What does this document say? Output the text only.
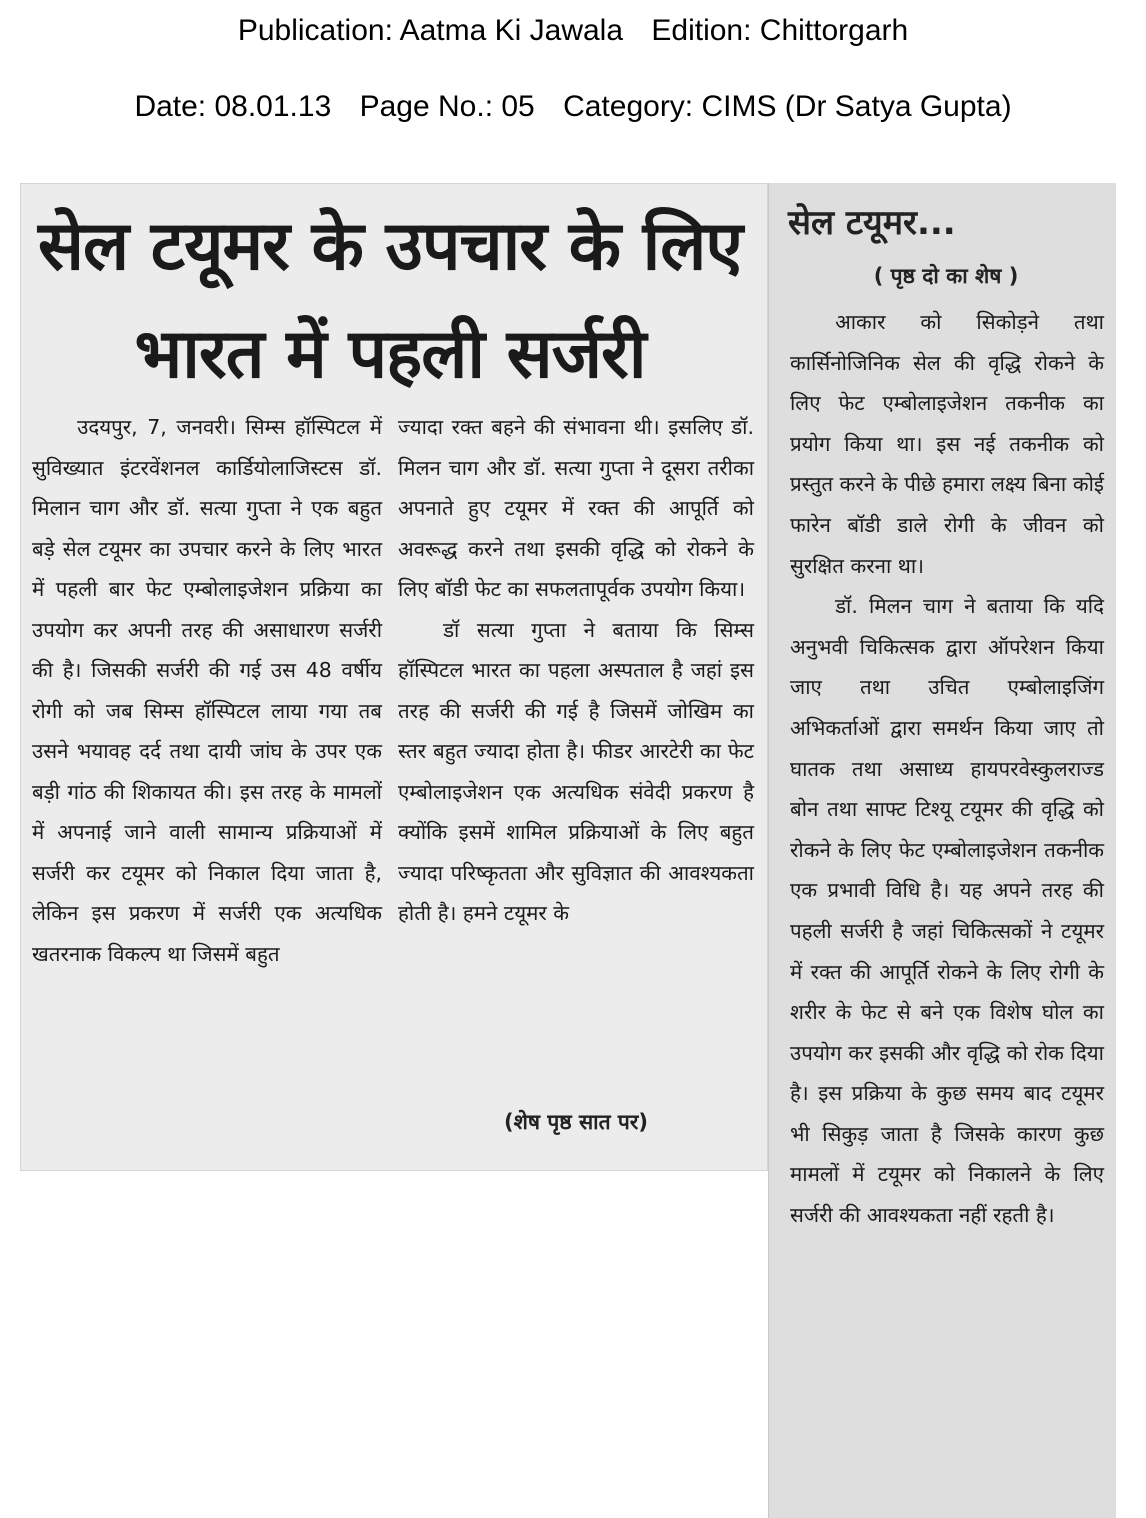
Publication: Aatma Ki Jawala Edition: Chittorgarh
Date: 08.01.13 Page No.: 05 Category: CIMS (Dr Satya Gupta)
सेल टयूमर के उपचार के लिए भारत में पहली सर्जरी

उदयपुर, 7, जनवरी। सिम्स हॉस्पिटल में सुविख्यात इंटरवेंशनल कार्डियोलाजिस्टस डॉ. मिलान चाग और डॉ. सत्या गुप्ता ने एक बहुत बड़े सेल टयूमर का उपचार करने के लिए भारत में पहली बार फेट एम्बोलाइजेशन प्रक्रिया का उपयोग कर अपनी तरह की असाधारण सर्जरी की है। जिसकी सर्जरी की गई उस 48 वर्षीय रोगी को जब सिम्स हॉस्पिटल लाया गया तब उसने भयावह दर्द तथा दायी जांघ के उपर एक बड़ी गांठ की शिकायत की। इस तरह के मामलों में अपनाई जाने वाली सामान्य प्रक्रियाओं में सर्जरी कर टयूमर को निकाल दिया जाता है, लेकिन इस प्रकरण में सर्जरी एक अत्यधिक खतरनाक विकल्प था जिसमें बहुत

ज्यादा रक्त बहने की संभावना थी। इसलिए डॉ. मिलन चाग और डॉ. सत्या गुप्ता ने दूसरा तरीका अपनाते हुए टयूमर में रक्त की आपूर्ति को अवरूद्ध करने तथा इसकी वृद्धि को रोकने के लिए बॉडी फेट का सफलतापूर्वक उपयोग किया।

डॉ सत्या गुप्ता ने बताया कि सिम्स हॉस्पिटल भारत का पहला अस्पताल है जहां इस तरह की सर्जरी की गई है जिसमें जोखिम का स्तर बहुत ज्यादा होता है। फीडर आरटेरी का फेट एम्बोलाइजेशन एक अत्यधिक संवेदी प्रकरण है क्योंकि इसमें शामिल प्रक्रियाओं के लिए बहुत ज्यादा परिष्कृतता और सुविज्ञात की आवश्यकता होती है। हमने टयूमर के

(शेष पृष्ठ सात पर)
सेल टयूमर...
( पृष्ठ दो का शेष )

आकार को सिकोड़ने तथा कार्सिनोजिनिक सेल की वृद्धि रोकने के लिए फेट एम्बोलाइजेशन तकनीक का प्रयोग किया था। इस नई तकनीक को प्रस्तुत करने के पीछे हमारा लक्ष्य बिना कोई फारेन बॉडी डाले रोगी के जीवन को सुरक्षित करना था।

डॉ. मिलन चाग ने बताया कि यदि अनुभवी चिकित्सक द्वारा ऑपरेशन किया जाए तथा उचित एम्बोलाइजिंग अभिकर्ताओं द्वारा समर्थन किया जाए तो घातक तथा असाध्य हायपरवेस्कुलराज्ड बोन तथा साफ्ट टिश्यू टयूमर की वृद्धि को रोकने के लिए फेट एम्बोलाइजेशन तकनीक एक प्रभावी विधि है। यह अपने तरह की पहली सर्जरी है जहां चिकित्सकों ने टयूमर में रक्त की आपूर्ति रोकने के लिए रोगी के शरीर के फेट से बने एक विशेष घोल का उपयोग कर इसकी और वृद्धि को रोक दिया है। इस प्रक्रिया के कुछ समय बाद टयूमर भी सिकुड़ जाता है जिसके कारण कुछ मामलों में टयूमर को निकालने के लिए सर्जरी की आवश्यकता नहीं रहती है।
